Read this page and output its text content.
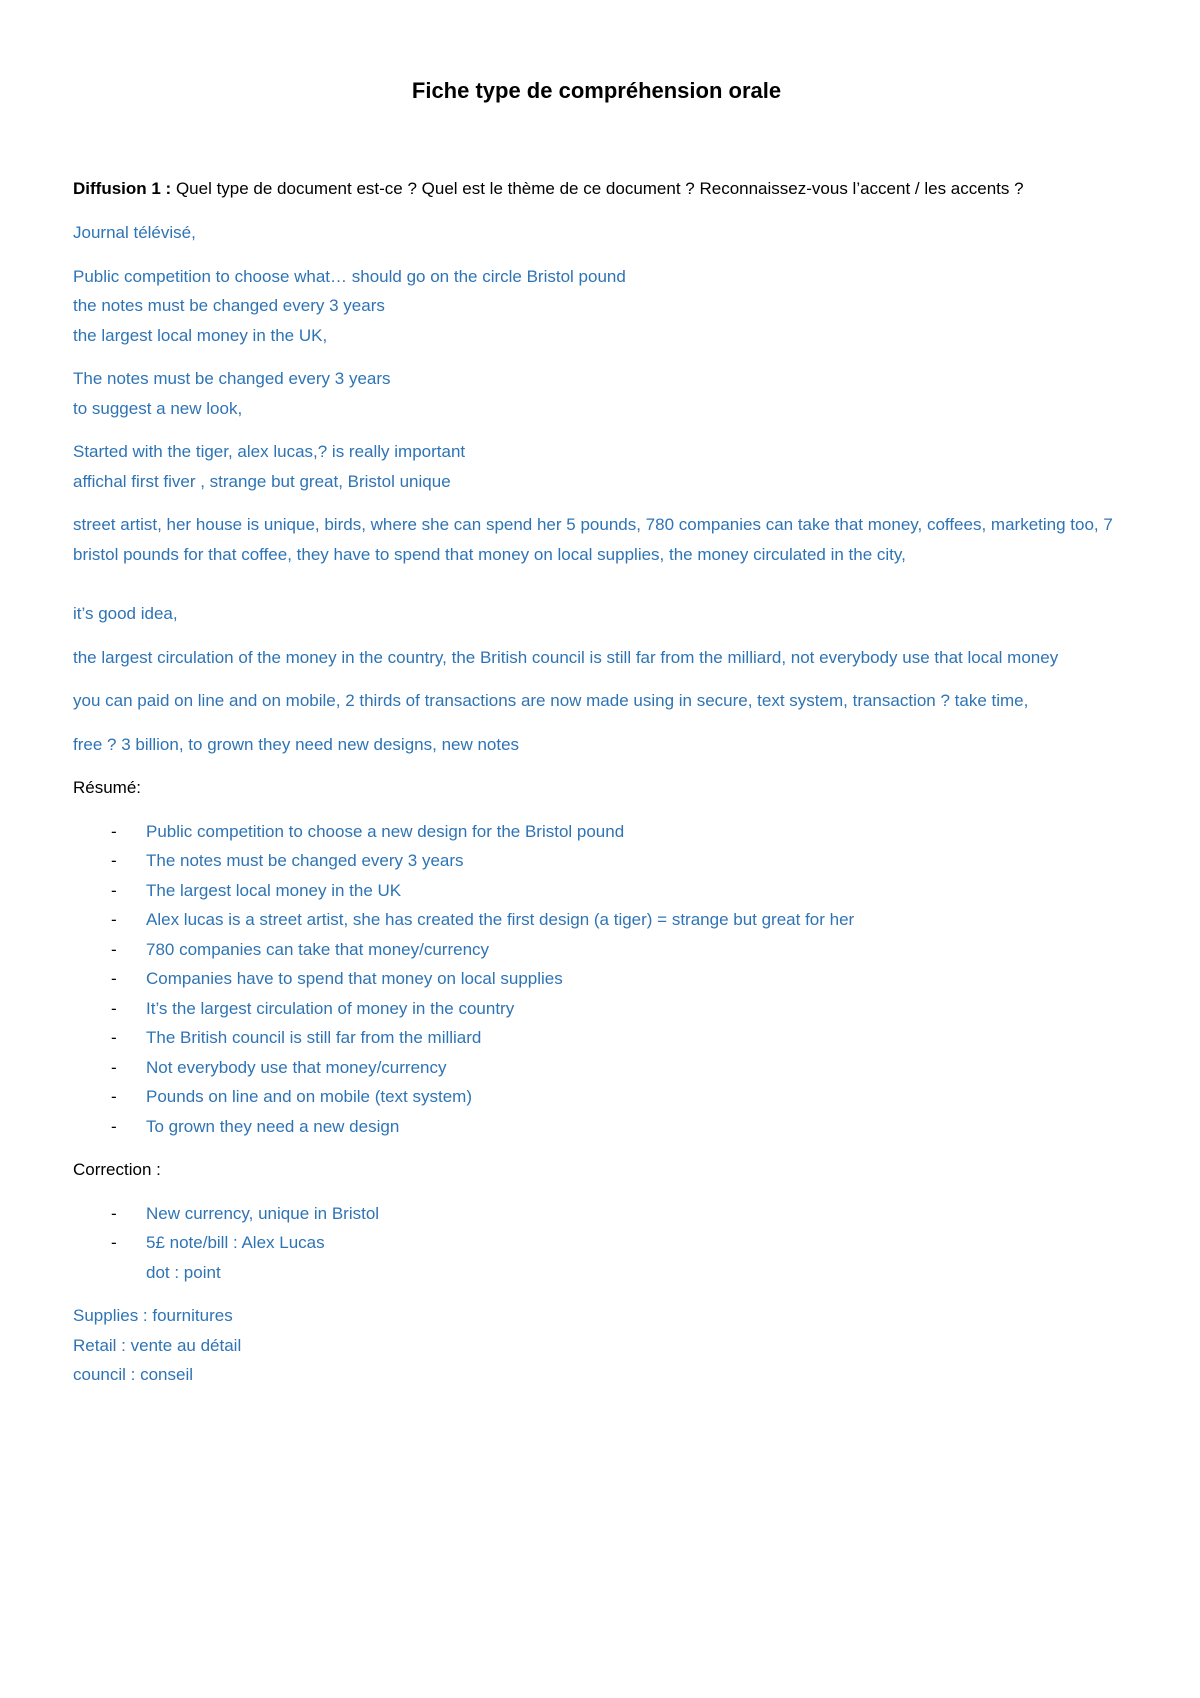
Fiche type de compréhension orale

Diffusion 1 : Quel type de document est-ce ? Quel est le thème de ce document ? Reconnaissez-vous l’accent / les accents ?

Journal télévisé,
Public competition to choose what… should go on the circle Bristol pound
the notes must be changed every 3 years
the largest local money in the UK,
The notes must be changed every 3 years
to suggest a new look,
Started with the tiger, alex lucas,? is really important
affichal first fiver , strange but great, Bristol unique
street artist, her house is unique, birds, where she can spend her 5 pounds, 780 companies can take that money, coffees, marketing too, 7 bristol pounds for that coffee, they have to spend that money on local supplies, the money circulated in the city,
it’s good idea,
the largest circulation of the money in the country, the British council is still far from the milliard, not everybody use that local money
you can paid on line and on mobile, 2 thirds of transactions are now made using in secure, text system, transaction ? take time,
free ? 3 billion, to grown they need new designs, new notes

Résumé:

- Public competition to choose a new design for the Bristol pound
- The notes must be changed every 3 years
- The largest local money in the UK
- Alex lucas is a street artist, she has created the first design (a tiger) = strange but great for her
- 780 companies can take that money/currency
- Companies have to spend that money on local supplies
- It’s the largest circulation of money in the country
- The British council is still far from the milliard
- Not everybody use that money/currency
- Pounds on line and on mobile (text system)
- To grown they need a new design

Correction :

- New currency, unique in Bristol
- 5£ note/bill : Alex Lucas
dot : point
Supplies : fournitures
Retail : vente au détail
council : conseil
